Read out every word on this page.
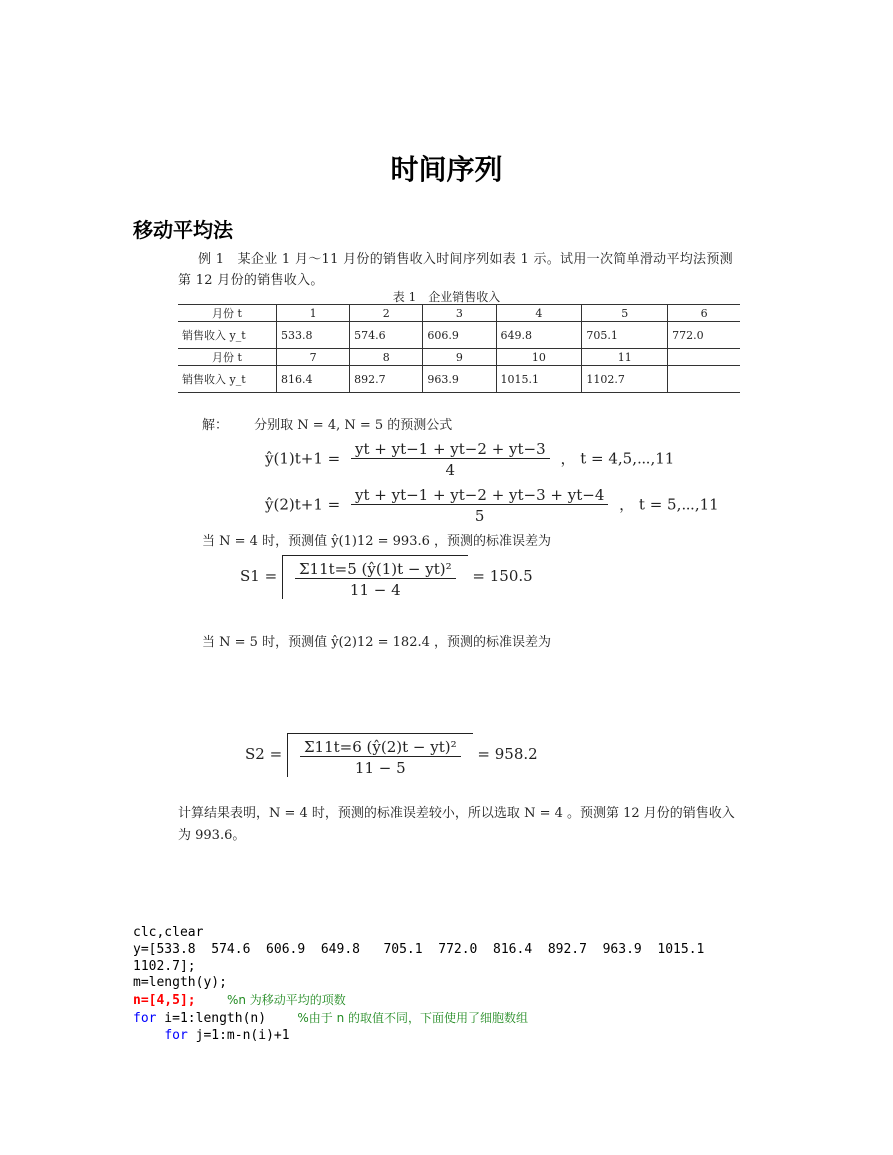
时间序列
移动平均法
例 1　某企业 1 月～11 月份的销售收入时间序列如表 1 示。试用一次简单滑动平均法预测第 12 月份的销售收入。
表 1　企业销售收入
月份 t	1	2	3	4	5	6
销售收入 y_t	533.8	574.6	606.9	649.8	705.1	772.0
月份 t	7	8	9	10	11	
销售收入 y_t	816.4	892.7	963.9	1015.1	1102.7	
解： 分别取 N = 4, N = 5 的预测公式
ŷ(1)t+1 = $\frac{yt + yt-1 + yt-2 + yt-3}{4}$ ， t = 4,5,⋯,11
ŷ(2)t+1 = $\frac{yt + yt-1 + yt-2 + yt-3 + yt-4}{5}$ ， t = 5,⋯,11
当 N = 4 时，预测值 ŷ(1)12 = 993.6 ，预测的标准误差为
$S1 = \frac{\text{Σ11t=5 (ŷ(1)t − yt)²}}{11 - 4} = 150.5$
当 N = 5 时，预测值 ŷ(2)12 = 182.4 ，预测的标准误差为
$S2 = \frac{\text{Σ11t=6 (ŷ(2)t − yt)²}}{11 - 5} = 958.2$
计算结果表明，N = 4 时，预测的标准误差较小，所以选取 N = 4 。预测第 12 月份的销售收入为 993.6。
clc,clear
y=[533.8  574.6  606.9  649.8   705.1  772.0  816.4  892.7  963.9  1015.1 1102.7];
m=length(y);
n=[4,5];	%n 为移动平均的项数
for i=1:length(n)	%由于 n 的取值不同，下面使用了细胞数组
for j=1:m-n(i)+1
